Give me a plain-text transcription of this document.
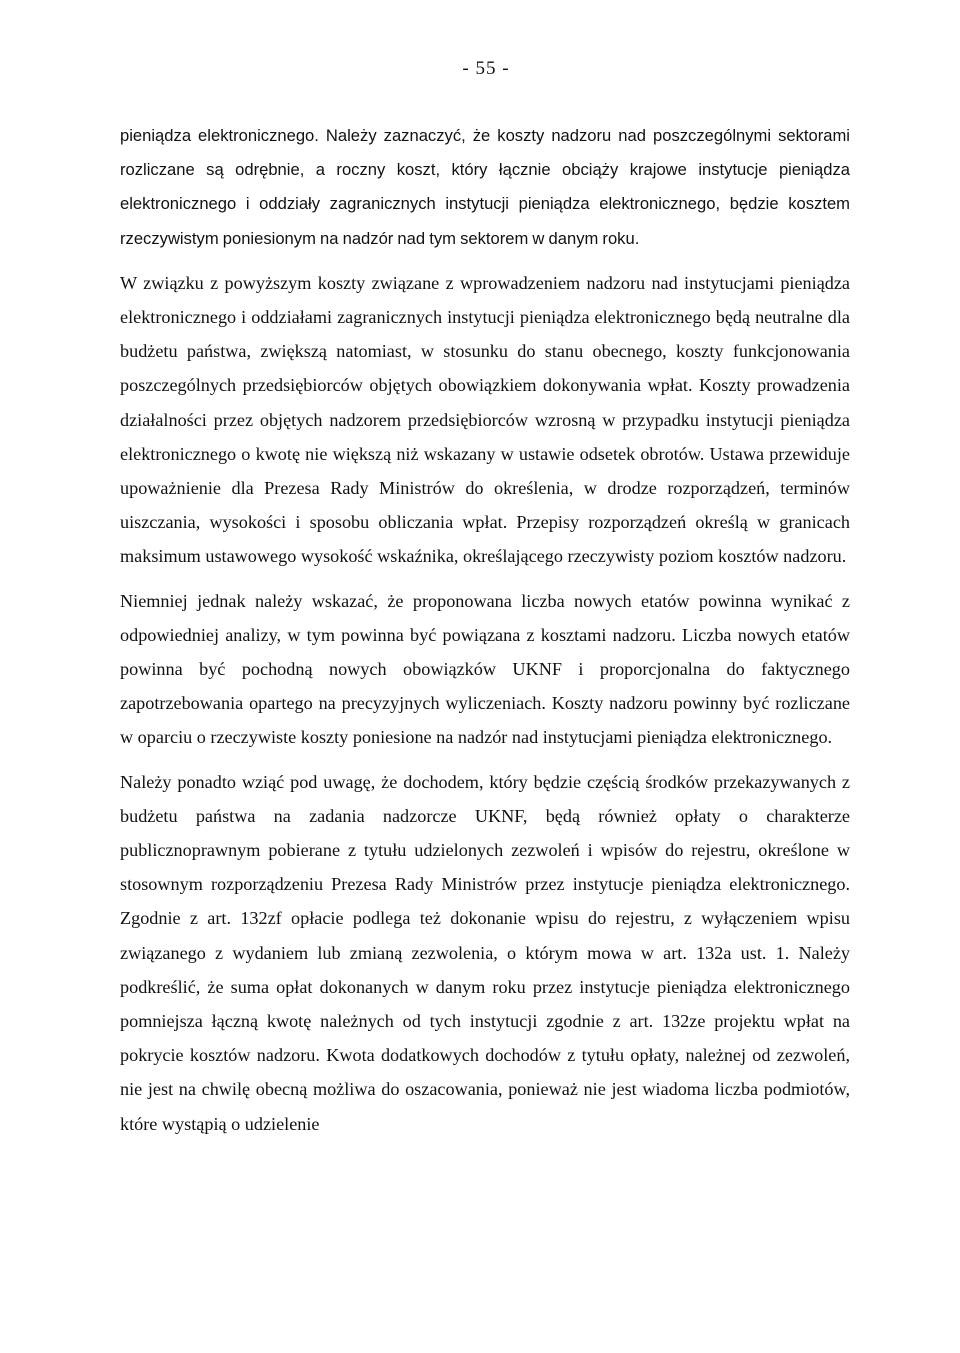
- 55 -

pieniądza elektronicznego. Należy zaznaczyć, że koszty nadzoru nad poszczególnymi sektorami rozliczane są odrębnie, a roczny koszt, który łącznie obciąży krajowe instytucje pieniądza elektronicznego i oddziały zagranicznych instytucji pieniądza elektronicznego, będzie kosztem rzeczywistym poniesionym na nadzór nad tym sektorem w danym roku.

W związku z powyższym koszty związane z wprowadzeniem nadzoru nad instytucjami pieniądza elektronicznego i oddziałami zagranicznych instytucji pieniądza elektronicznego będą neutralne dla budżetu państwa, zwiększą natomiast, w stosunku do stanu obecnego, koszty funkcjonowania poszczególnych przedsiębiorców objętych obowiązkiem dokonywania wpłat. Koszty prowadzenia działalności przez objętych nadzorem przedsiębiorców wzrosną w przypadku instytucji pieniądza elektronicznego o kwotę nie większą niż wskazany w ustawie odsetek obrotów. Ustawa przewiduje upoważnienie dla Prezesa Rady Ministrów do określenia, w drodze rozporządzeń, terminów uiszczania, wysokości i sposobu obliczania wpłat. Przepisy rozporządzeń określą w granicach maksimum ustawowego wysokość wskaźnika, określającego rzeczywisty poziom kosztów nadzoru.

Niemniej jednak należy wskazać, że proponowana liczba nowych etatów powinna wynikać z odpowiedniej analizy, w tym powinna być powiązana z kosztami nadzoru. Liczba nowych etatów powinna być pochodną nowych obowiązków UKNF i proporcjonalna do faktycznego zapotrzebowania opartego na precyzyjnych wyliczeniach. Koszty nadzoru powinny być rozliczane w oparciu o rzeczywiste koszty poniesione na nadzór nad instytucjami pieniądza elektronicznego.

Należy ponadto wziąć pod uwagę, że dochodem, który będzie częścią środków przekazywanych z budżetu państwa na zadania nadzorcze UKNF, będą również opłaty o charakterze publicznoprawnym pobierane z tytułu udzielonych zezwoleń i wpisów do rejestru, określone w stosownym rozporządzeniu Prezesa Rady Ministrów przez instytucje pieniądza elektronicznego. Zgodnie z art. 132zf opłacie podlega też dokonanie wpisu do rejestru, z wyłączeniem wpisu związanego z wydaniem lub zmianą zezwolenia, o którym mowa w art. 132a ust. 1. Należy podkreślić, że suma opłat dokonanych w danym roku przez instytucje pieniądza elektronicznego pomniejsza łączną kwotę należnych od tych instytucji zgodnie z art. 132ze projektu wpłat na pokrycie kosztów nadzoru. Kwota dodatkowych dochodów z tytułu opłaty, należnej od zezwoleń, nie jest na chwilę obecną możliwa do oszacowania, ponieważ nie jest wiadoma liczba podmiotów, które wystąpią o udzielenie
